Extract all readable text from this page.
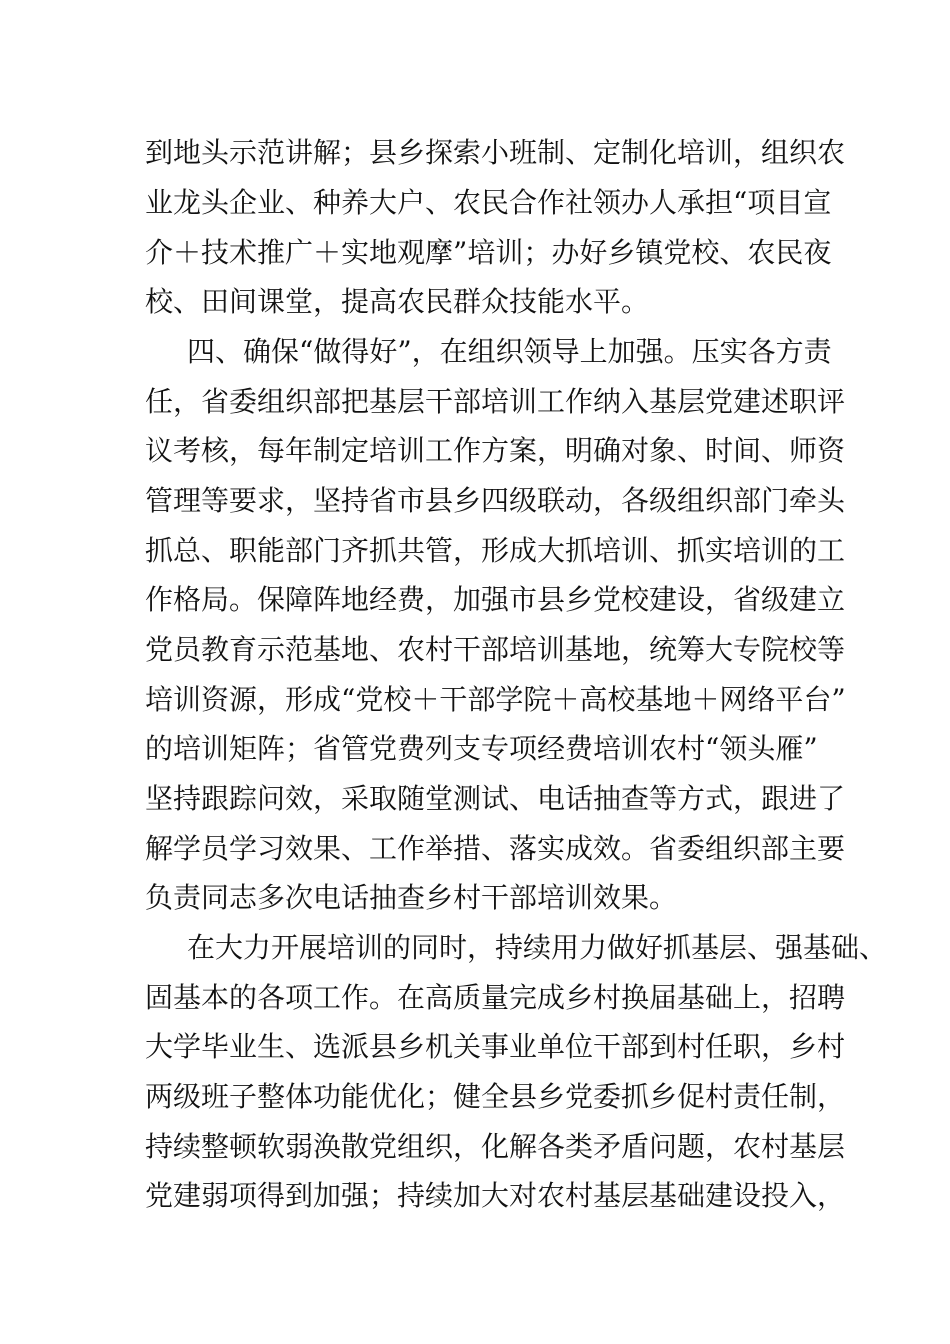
到地头示范讲解；县乡探索小班制、定制化培训，组织农
业龙头企业、种养大户、农民合作社领办人承担“项目宣
介＋技术推广＋实地观摩”培训；办好乡镇党校、农民夜
校、田间课堂，提高农民群众技能水平。
四、确保“做得好”，在组织领导上加强。压实各方责
任，省委组织部把基层干部培训工作纳入基层党建述职评
议考核，每年制定培训工作方案，明确对象、时间、师资
管理等要求，坚持省市县乡四级联动，各级组织部门牵头
抓总、职能部门齐抓共管，形成大抓培训、抓实培训的工
作格局。保障阵地经费，加强市县乡党校建设，省级建立
党员教育示范基地、农村干部培训基地，统筹大专院校等
培训资源，形成“党校＋干部学院＋高校基地＋网络平台”
的培训矩阵；省管党费列支专项经费培训农村“领头雁”
坚持跟踪问效，采取随堂测试、电话抽查等方式，跟进了
解学员学习效果、工作举措、落实成效。省委组织部主要
负责同志多次电话抽查乡村干部培训效果。
在大力开展培训的同时，持续用力做好抓基层、强基础、
固基本的各项工作。在高质量完成乡村换届基础上，招聘
大学毕业生、选派县乡机关事业单位干部到村任职，乡村
两级班子整体功能优化；健全县乡党委抓乡促村责任制，
持续整顿软弱涣散党组织，化解各类矛盾问题，农村基层
党建弱项得到加强；持续加大对农村基层基础建设投入，
